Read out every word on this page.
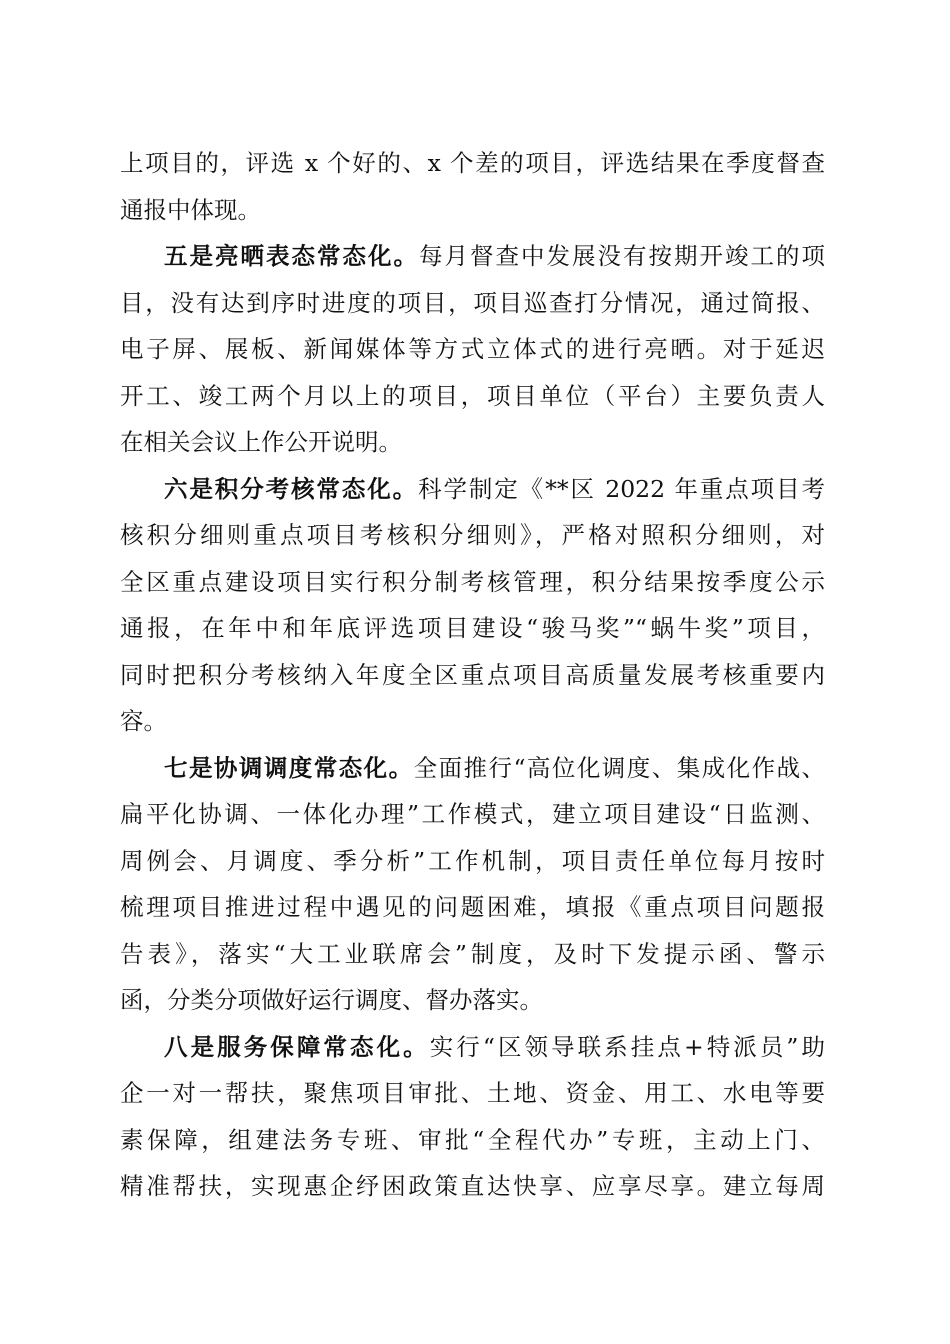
上项目的，评选 x 个好的、x 个差的项目，评选结果在季度督查
通报中体现。
五是亮晒表态常态化。每月督查中发展没有按期开竣工的项
目，没有达到序时进度的项目，项目巡查打分情况，通过简报、
电子屏、展板、新闻媒体等方式立体式的进行亮晒。对于延迟
开工、竣工两个月以上的项目，项目单位（平台）主要负责人
在相关会议上作公开说明。
六是积分考核常态化。科学制定《**区 2022 年重点项目考
核积分细则重点项目考核积分细则》，严格对照积分细则，对
全区重点建设项目实行积分制考核管理，积分结果按季度公示
通报，在年中和年底评选项目建设“骏马奖”“蜗牛奖”项目，
同时把积分考核纳入年度全区重点项目高质量发展考核重要内
容。
七是协调调度常态化。全面推行“高位化调度、集成化作战、
扁平化协调、一体化办理”工作模式，建立项目建设“日监测、
周例会、月调度、季分析”工作机制，项目责任单位每月按时
梳理项目推进过程中遇见的问题困难，填报《重点项目问题报
告表》，落实“大工业联席会”制度，及时下发提示函、警示
函，分类分项做好运行调度、督办落实。
八是服务保障常态化。实行“区领导联系挂点+特派员”助
企一对一帮扶，聚焦项目审批、土地、资金、用工、水电等要
素保障，组建法务专班、审批“全程代办”专班，主动上门、
精准帮扶，实现惠企纾困政策直达快享、应享尽享。建立每周
